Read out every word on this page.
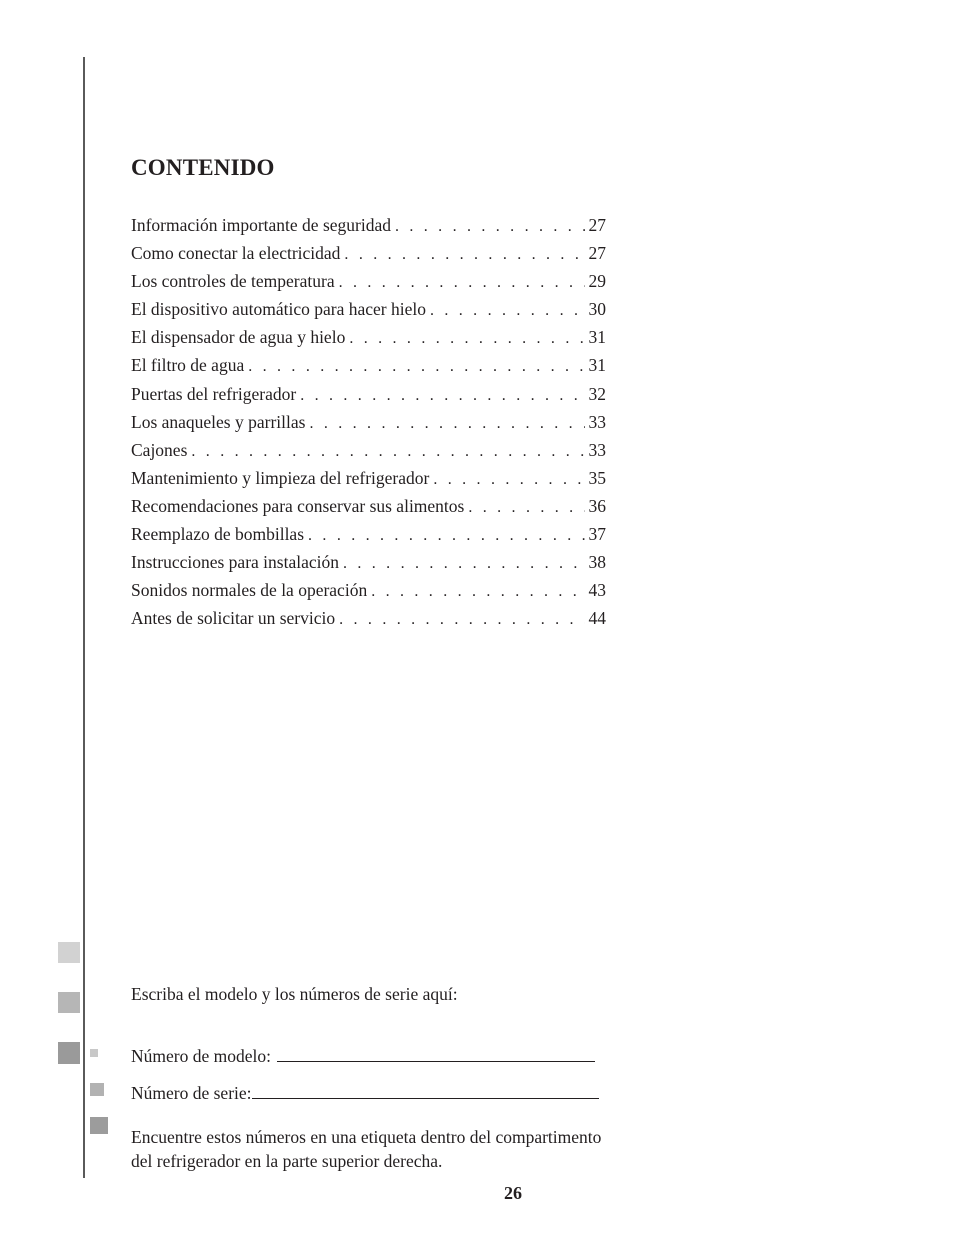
CONTENIDO
Información importante de seguridad . . .	27
Como conectar la electricidad . . .	27
Los controles de temperatura . . .	29
El dispositivo automático para hacer hielo . . .	30
El dispensador de agua y hielo . . .	31
El filtro de agua . . .	31
Puertas del refrigerador . . .	32
Los anaqueles y parrillas . . .	33
Cajones . . .	33
Mantenimiento y limpieza del refrigerador . . .	35
Recomendaciones para conservar sus alimentos . . .	36
Reemplazo de bombillas . . .	37
Instrucciones para instalación . . .	38
Sonidos normales de la operación . . .	43
Antes de solicitar un servicio . . .	44
Escriba el modelo y los números de serie aquí:
Número de modelo:
Número de serie:
Encuentre estos números en una etiqueta dentro del compartimento del refrigerador en la parte superior derecha.
26
